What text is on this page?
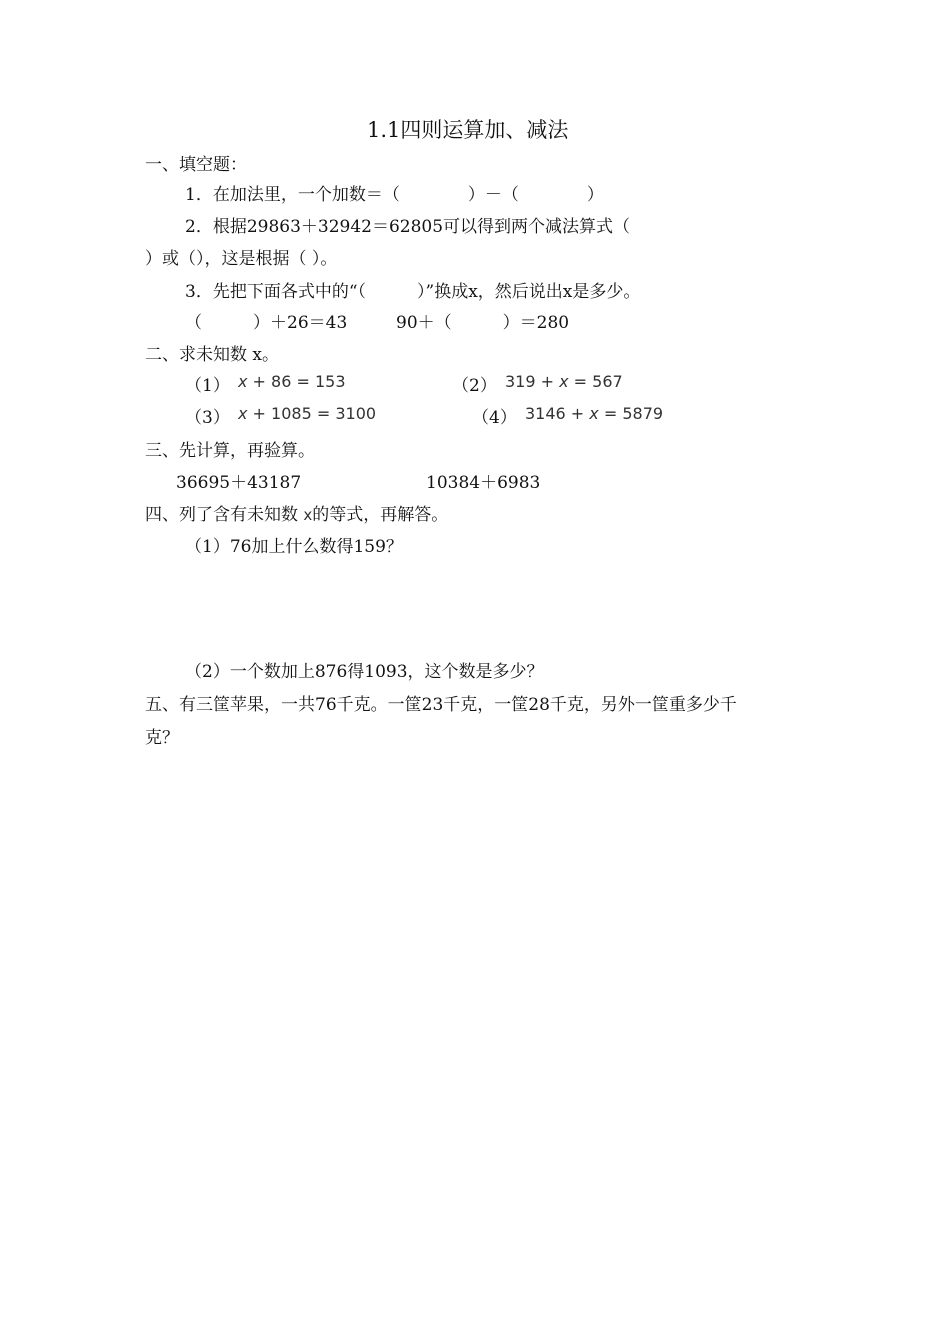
1.1四则运算加、减法
一、填空题：
1．在加法里，一个加数＝（　　　　）－（　　　　）
2．根据29863＋32942＝62805可以得到两个减法算式（
）或（），这是根据（ ）。
3．先把下面各式中的“（　　　）”换成x，然后说出x是多少。
（　　　）＋26＝43	90＋（　　　）＝280
二、求未知数 x。
（1） x + 86 = 153	（2） 319 + x = 567
（3） x + 1085 = 3100	（4） 3146 + x = 5879
三、先计算，再验算。
36695＋43187	10384＋6983
四、列了含有未知数 x的等式，再解答。
（1）76加上什么数得159？
（2）一个数加上876得1093，这个数是多少？
五、有三筐苹果，一共76千克。一筐23千克，一筐28千克，另外一筐重多少千
克？
